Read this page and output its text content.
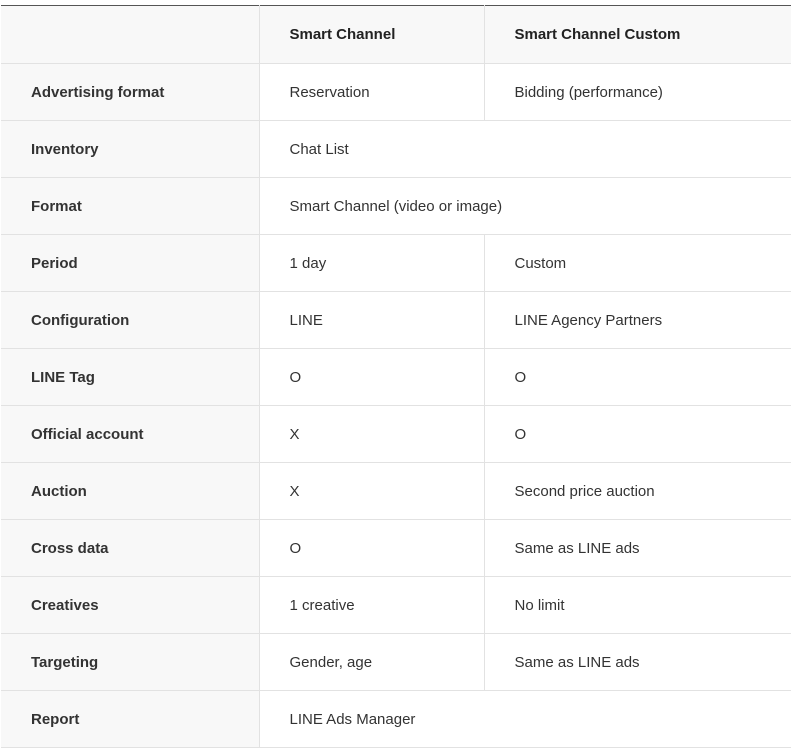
	Smart Channel	Smart Channel Custom
Advertising format	Reservation	Bidding (performance)
Inventory	Chat List	
Format	Smart Channel (video or image)	
Period	1 day	Custom
Configuration	LINE	LINE Agency Partners
LINE Tag	O	O
Official account	X	O
Auction	X	Second price auction
Cross data	O	Same as LINE ads
Creatives	1 creative	No limit
Targeting	Gender, age	Same as LINE ads
Report	LINE Ads Manager	
